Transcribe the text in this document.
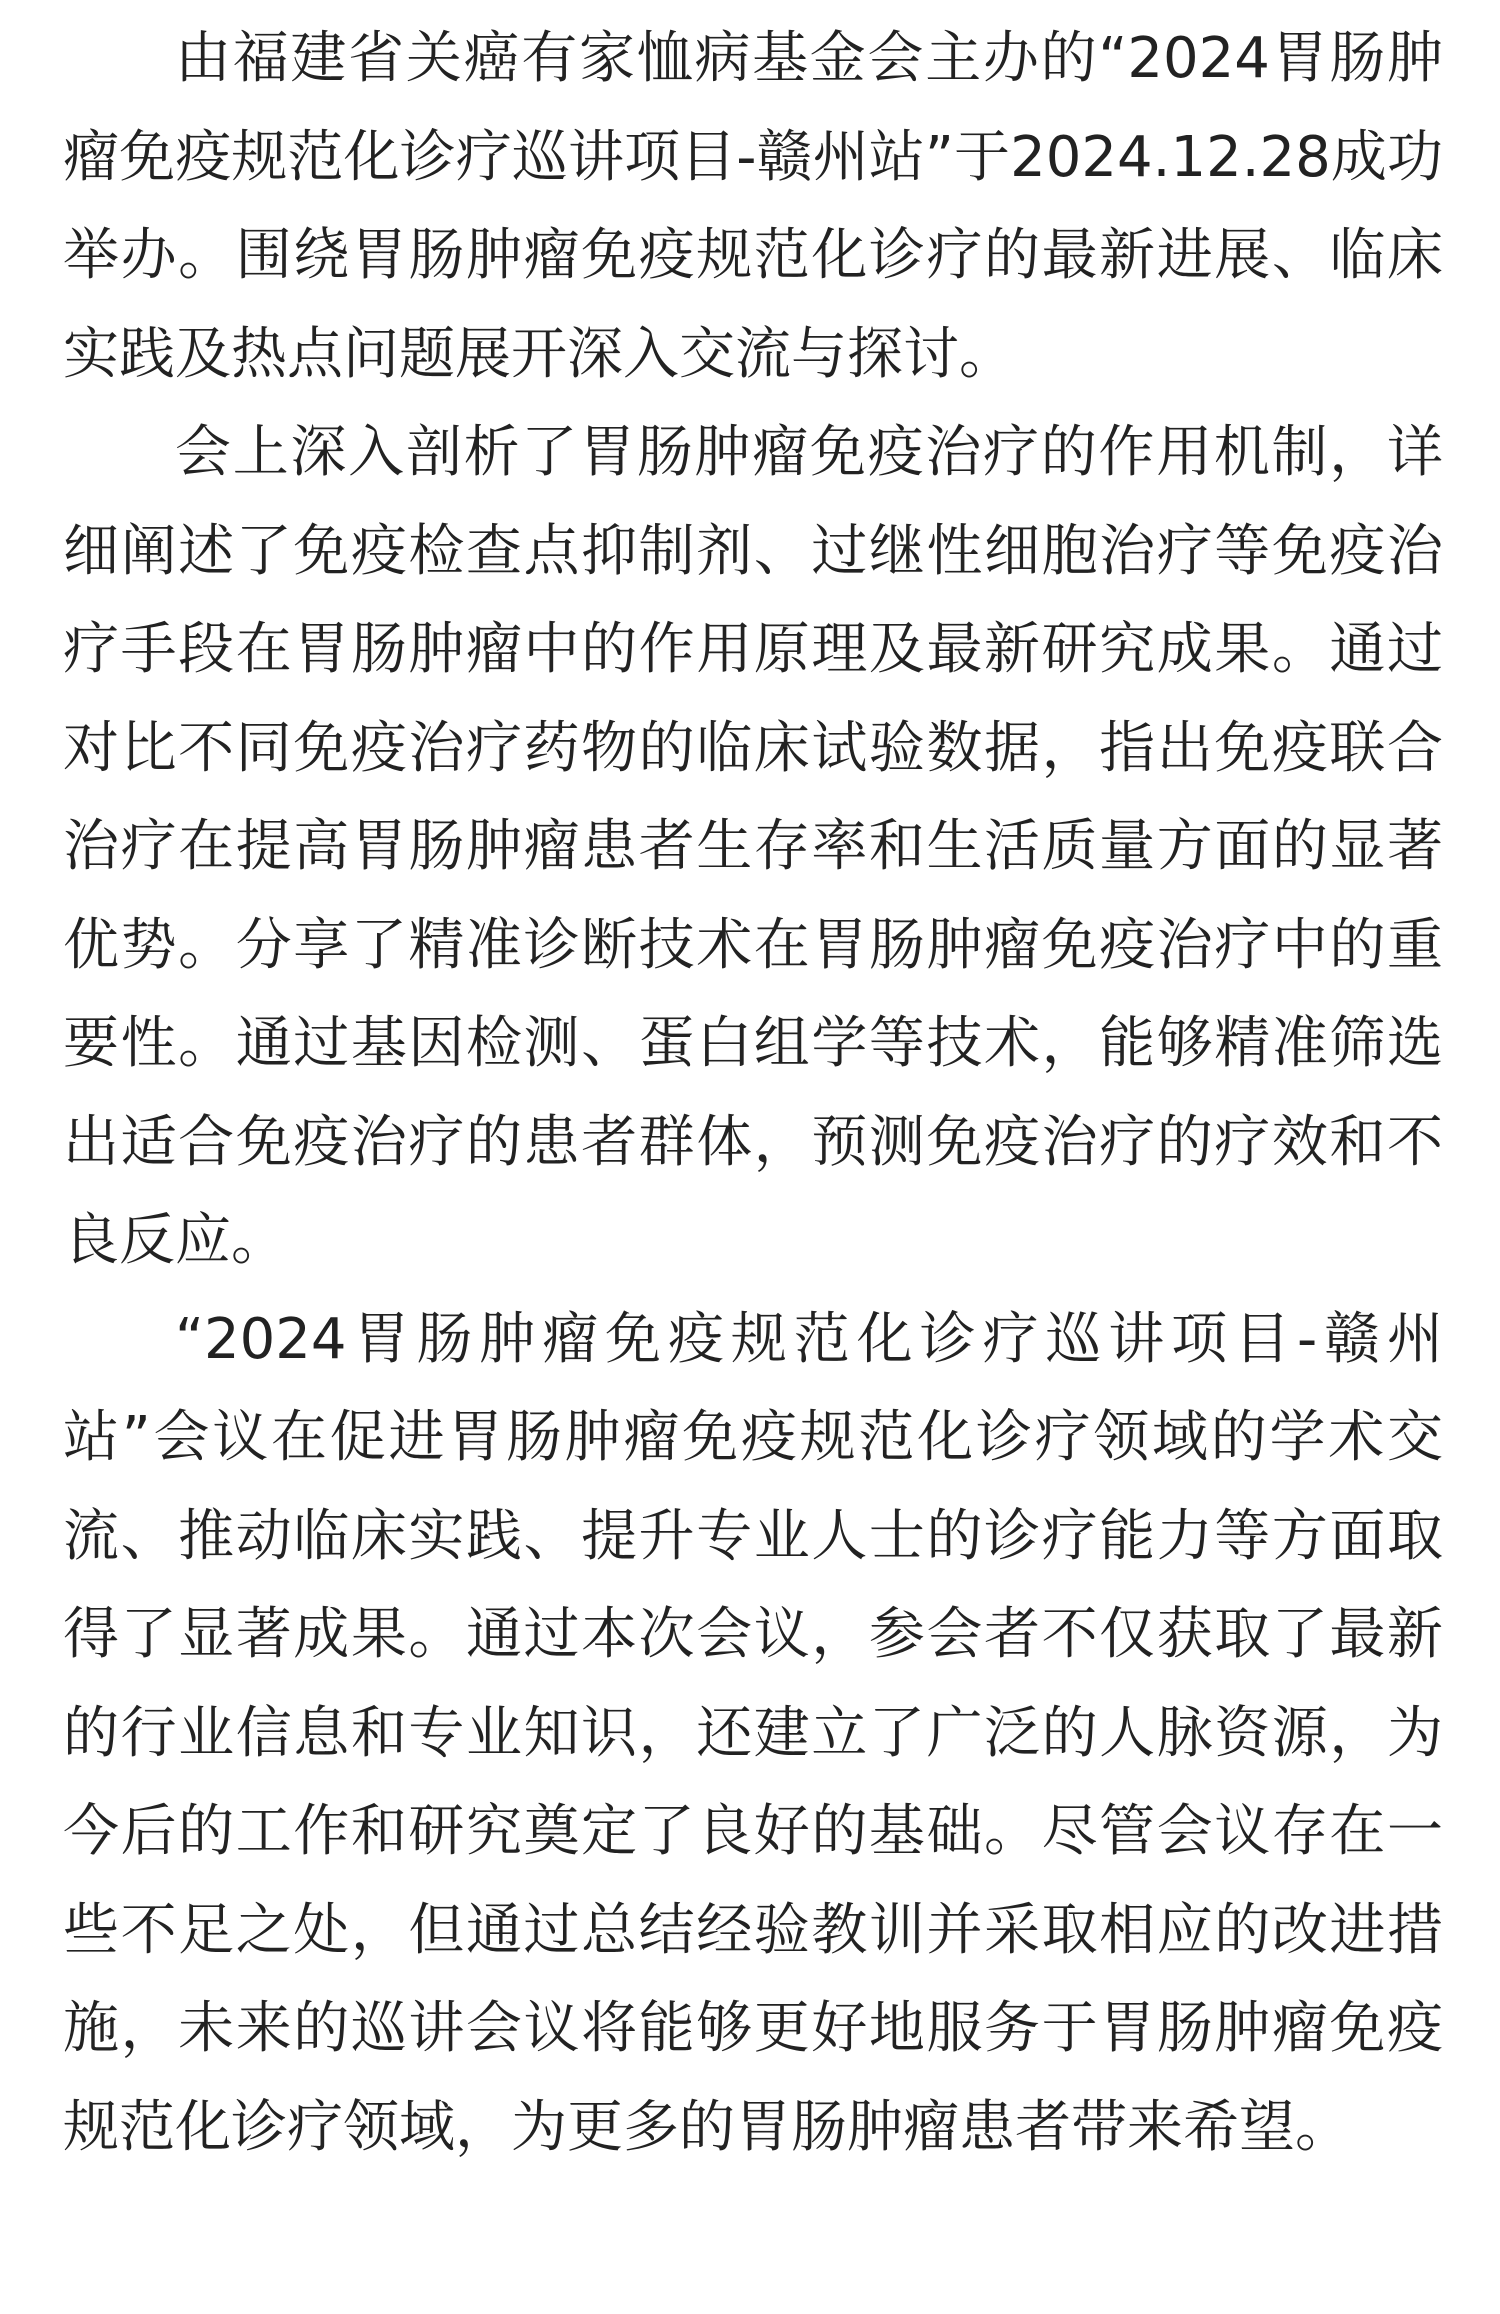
由福建省关癌有家恤病基金会主办的“2024胃肠肿瘤免疫规范化诊疗巡讲项目-赣州站”于2024.12.28成功举办。围绕胃肠肿瘤免疫规范化诊疗的最新进展、临床实践及热点问题展开深入交流与探讨。

会上深入剖析了胃肠肿瘤免疫治疗的作用机制，详细阐述了免疫检查点抑制剂、过继性细胞治疗等免疫治疗手段在胃肠肿瘤中的作用原理及最新研究成果。通过对比不同免疫治疗药物的临床试验数据，指出免疫联合治疗在提高胃肠肿瘤患者生存率和生活质量方面的显著优势。分享了精准诊断技术在胃肠肿瘤免疫治疗中的重要性。通过基因检测、蛋白组学等技术，能够精准筛选出适合免疫治疗的患者群体，预测免疫治疗的疗效和不良反应。

“2024胃肠肿瘤免疫规范化诊疗巡讲项目-赣州站”会议在促进胃肠肿瘤免疫规范化诊疗领域的学术交流、推动临床实践、提升专业人士的诊疗能力等方面取得了显著成果。通过本次会议，参会者不仅获取了最新的行业信息和专业知识，还建立了广泛的人脉资源，为今后的工作和研究奠定了良好的基础。尽管会议存在一些不足之处，但通过总结经验教训并采取相应的改进措施，未来的巡讲会议将能够更好地服务于胃肠肿瘤免疫规范化诊疗领域，为更多的胃肠肿瘤患者带来希望。
